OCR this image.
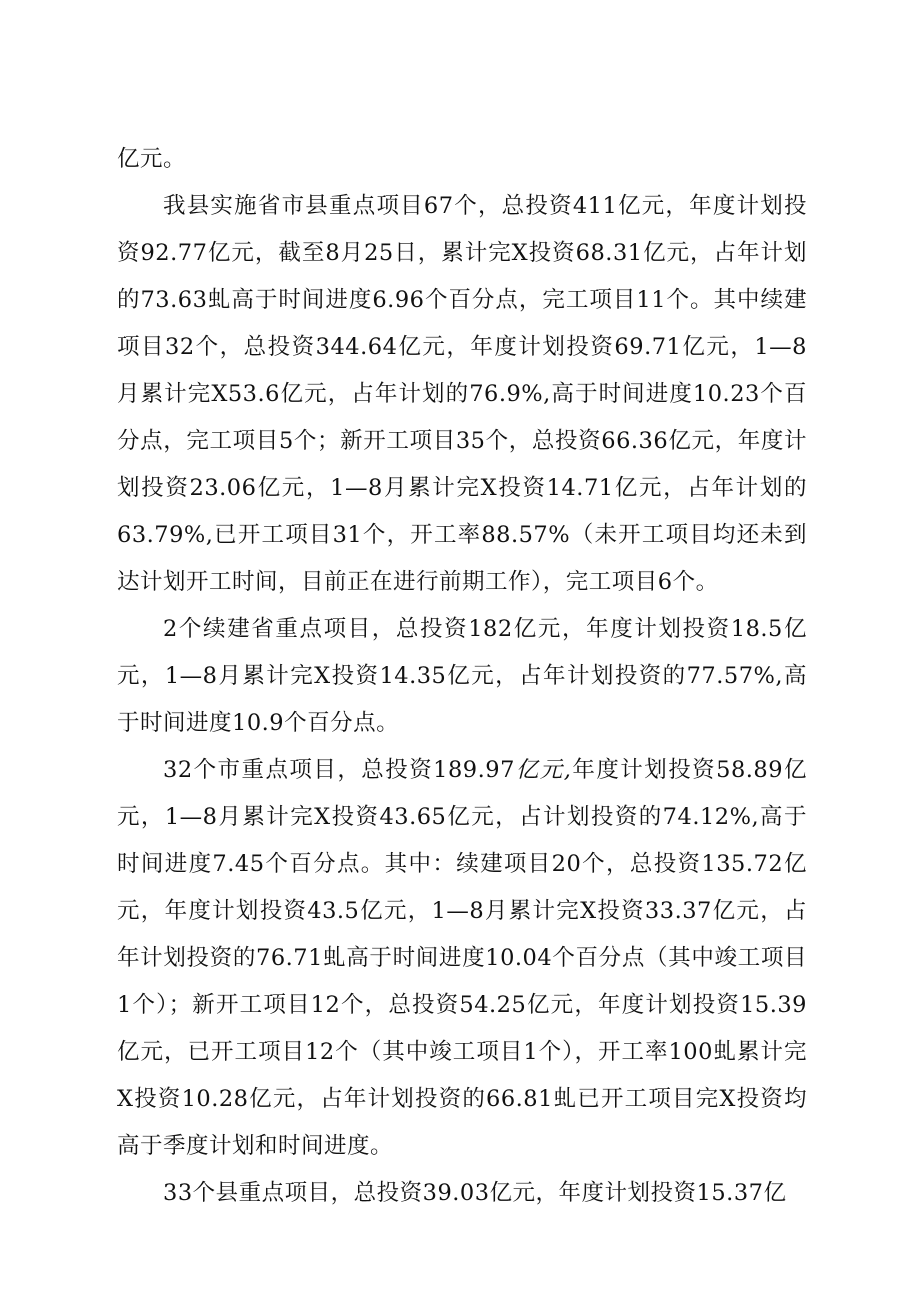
亿元。

我县实施省市县重点项目67个，总投资411亿元，年度计划投资92.77亿元，截至8月25日，累计完X投资68.31亿元，占年计划的73.63虬高于时间进度6.96个百分点，完工项目11个。其中续建项目32个，总投资344.64亿元，年度计划投资69.71亿元，1—8月累计完X53.6亿元，占年计划的76.9%,高于时间进度10.23个百分点，完工项目5个；新开工项目35个，总投资66.36亿元，年度计划投资23.06亿元，1—8月累计完X投资14.71亿元，占年计划的63.79%,已开工项目31个，开工率88.57%（未开工项目均还未到达计划开工时间，目前正在进行前期工作），完工项目6个。

2个续建省重点项目，总投资182亿元，年度计划投资18.5亿元，1—8月累计完X投资14.35亿元，占年计划投资的77.57%,高于时间进度10.9个百分点。

32个市重点项目，总投资189.97亿元,年度计划投资58.89亿元，1—8月累计完X投资43.65亿元，占计划投资的74.12%,高于时间进度7.45个百分点。其中：续建项目20个，总投资135.72亿元，年度计划投资43.5亿元，1—8月累计完X投资33.37亿元，占年计划投资的76.71虬高于时间进度10.04个百分点（其中竣工项目1个）；新开工项目12个，总投资54.25亿元，年度计划投资15.39亿元，已开工项目12个（其中竣工项目1个），开工率100虬累计完X投资10.28亿元，占年计划投资的66.81虬已开工项目完X投资均高于季度计划和时间进度。

33个县重点项目，总投资39.03亿元，年度计划投资15.37亿
